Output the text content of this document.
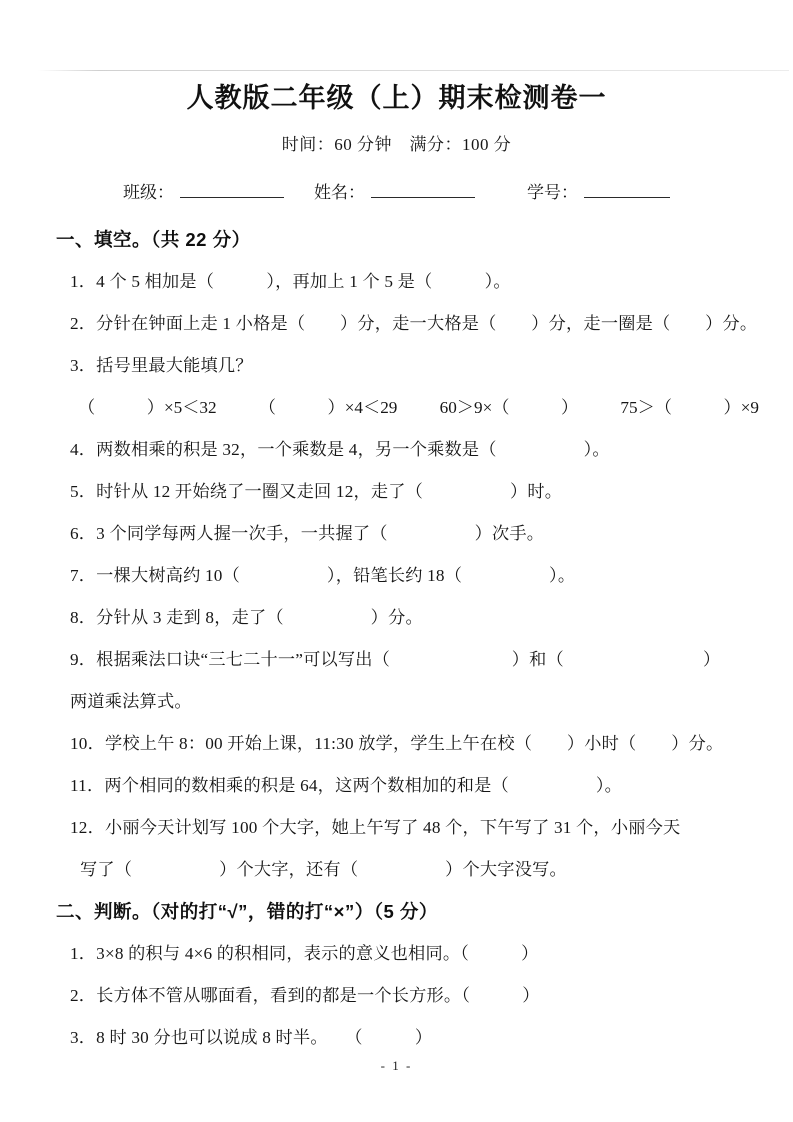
人教版二年级（上）期末检测卷一
时间：60 分钟　满分：100 分
班级：	姓名：	学号：
一、填空。（共 22 分）
1．4 个 5 相加是（　　　），再加上 1 个 5 是（　　　）。
2．分针在钟面上走 1 小格是（　　）分，走一大格是（　　）分，走一圈是（　　）分。
3．括号里最大能填几？
（　　　）×5＜32 （　　　）×4＜29 60＞9×（　　　） 75＞（　　　）×9
4．两数相乘的积是 32，一个乘数是 4，另一个乘数是（　　　　　）。
5．时针从 12 开始绕了一圈又走回 12，走了（　　　　　）时。
6．3 个同学每两人握一次手，一共握了（　　　　　）次手。
7．一棵大树高约 10（　　　　　），铅笔长约 18（　　　　　）。
8．分针从 3 走到 8，走了（　　　　　）分。
9．根据乘法口诀“三七二十一”可以写出（　　　　　　　）和（　　　　　　　　）
两道乘法算式。
10．学校上午 8：00 开始上课，11:30 放学，学生上午在校（　　）小时（　　）分。
11．两个相同的数相乘的积是 64，这两个数相加的和是（　　　　　）。
12．小丽今天计划写 100 个大字，她上午写了 48 个，下午写了 31 个，小丽今天
写了（　　　　　）个大字，还有（　　　　　）个大字没写。
二、判断。（对的打“√”，错的打“×”）（5 分）
1．3×8 的积与 4×6 的积相同，表示的意义也相同。（　　　）
2．长方体不管从哪面看，看到的都是一个长方形。（　　　）
3．8 时 30 分也可以说成 8 时半。　　（　　　）
- 1 -
